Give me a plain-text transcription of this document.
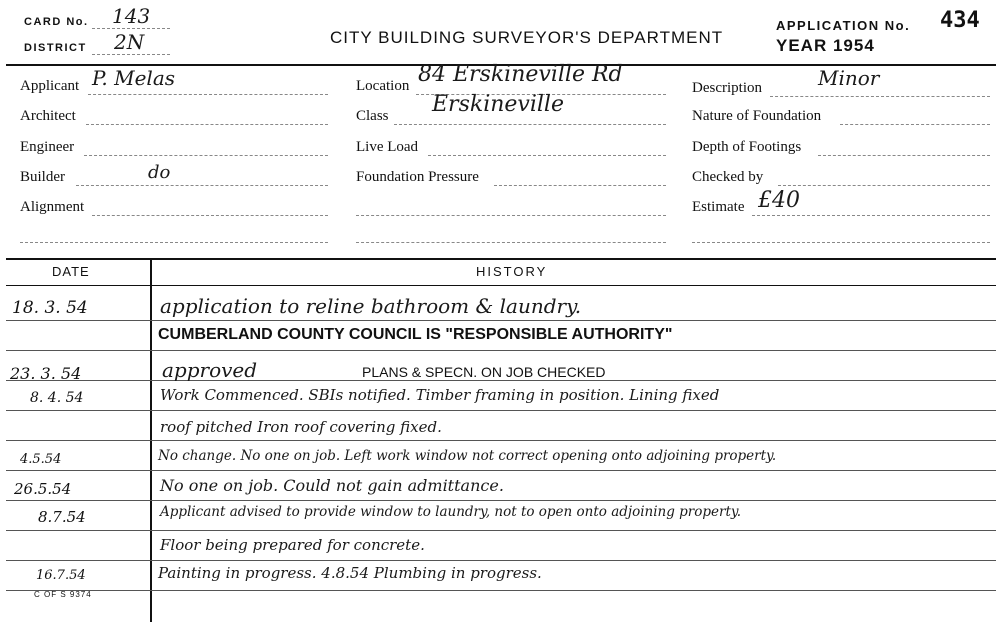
CARD No. 143
DISTRICT 2N	CITY BUILDING SURVEYOR'S DEPARTMENT
APPLICATION No. 434
YEAR 1954
Applicant P. Melas
Architect
Engineer
Builder	do
Alignment
Location 84 Erskineville Rd
Class Erskineville
Live Load
Foundation Pressure
Description	Minor
Nature of Foundation
Depth of Footings
Checked by
Estimate £40
DATE	HISTORY
18. 3. 54	application to reline bathroom & laundry.
CUMBERLAND COUNTY COUNCIL IS "RESPONSIBLE AUTHORITY"
23. 3. 54	approved	PLANS & SPECN. ON JOB CHECKED
8. 4. 54	Work Commenced. SBIs notified. Timber framing in position. Lining fixed
roof pitched Iron roof covering fixed.
4.5.54	No change. No one on job. Left work window not correct opening onto adjoining property.
26.5.54	No one on job. Could not gain admittance.
8.7.54	Applicant advised to provide window to laundry, not to open onto adjoining property.
Floor being prepared for concrete.
16.7.54	Painting in progress. 4.8.54 Plumbing in progress.
C OF S 9374
